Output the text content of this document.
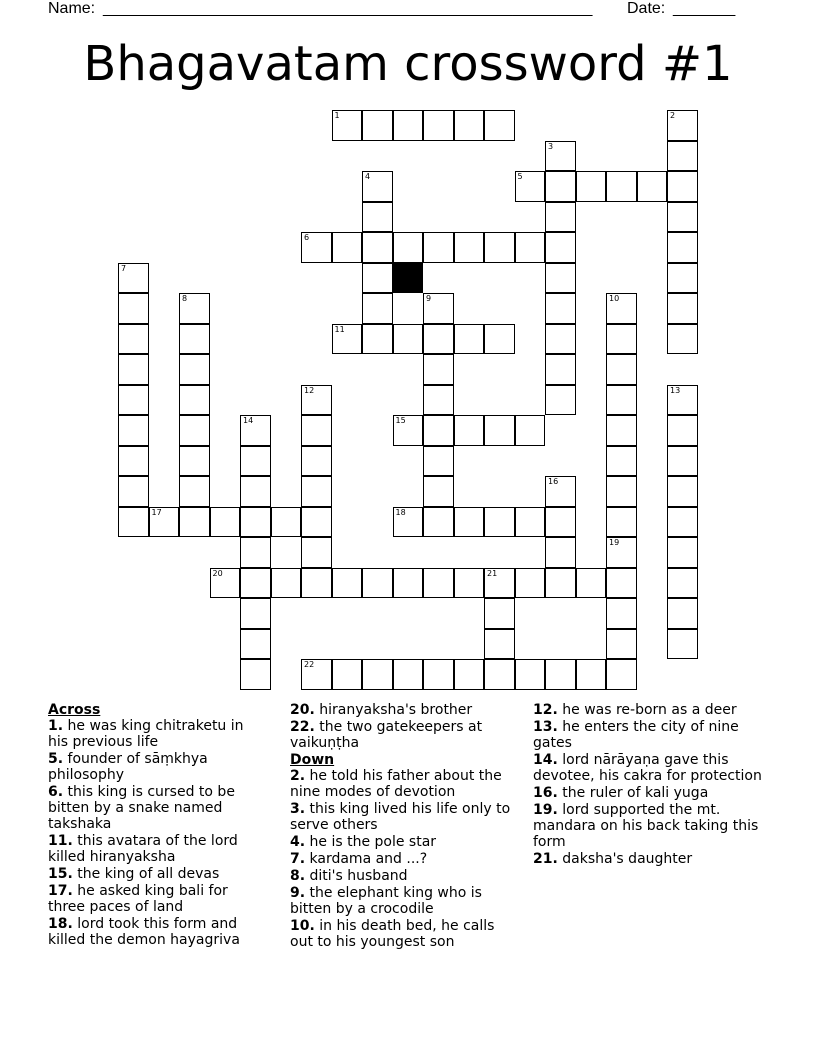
Name: _______________________________________________________ Date: _______
Bhagavatam crossword #1
1	2
3
4	5
6
7
8	9	10
11
12	13
14	15
16
17	18
19
20	21
22

Across

1. he was king chitraketu in his previous life

5. founder of sāṃkhya philosophy

6. this king is cursed to be bitten by a snake named takshaka

11. this avatara of the lord killed hiranyaksha

15. the king of all devas

17. he asked king bali for three paces of land

18. lord took this form and killed the demon hayagriva

20. hiranyaksha's brother

22. the two gatekeepers at vaikuṇṭha

Down

2. he told his father about the nine modes of devotion

3. this king lived his life only to serve others

4. he is the pole star

7. kardama and ...?

8. diti's husband

9. the elephant king who is bitten by a crocodile

10. in his death bed, he calls out to his youngest son

12. he was re-born as a deer

13. he enters the city of nine gates

14. lord nārāyaṇa gave this devotee, his cakra for protection

16. the ruler of kali yuga

19. lord supported the mt. mandara on his back taking this form

21. daksha's daughter
